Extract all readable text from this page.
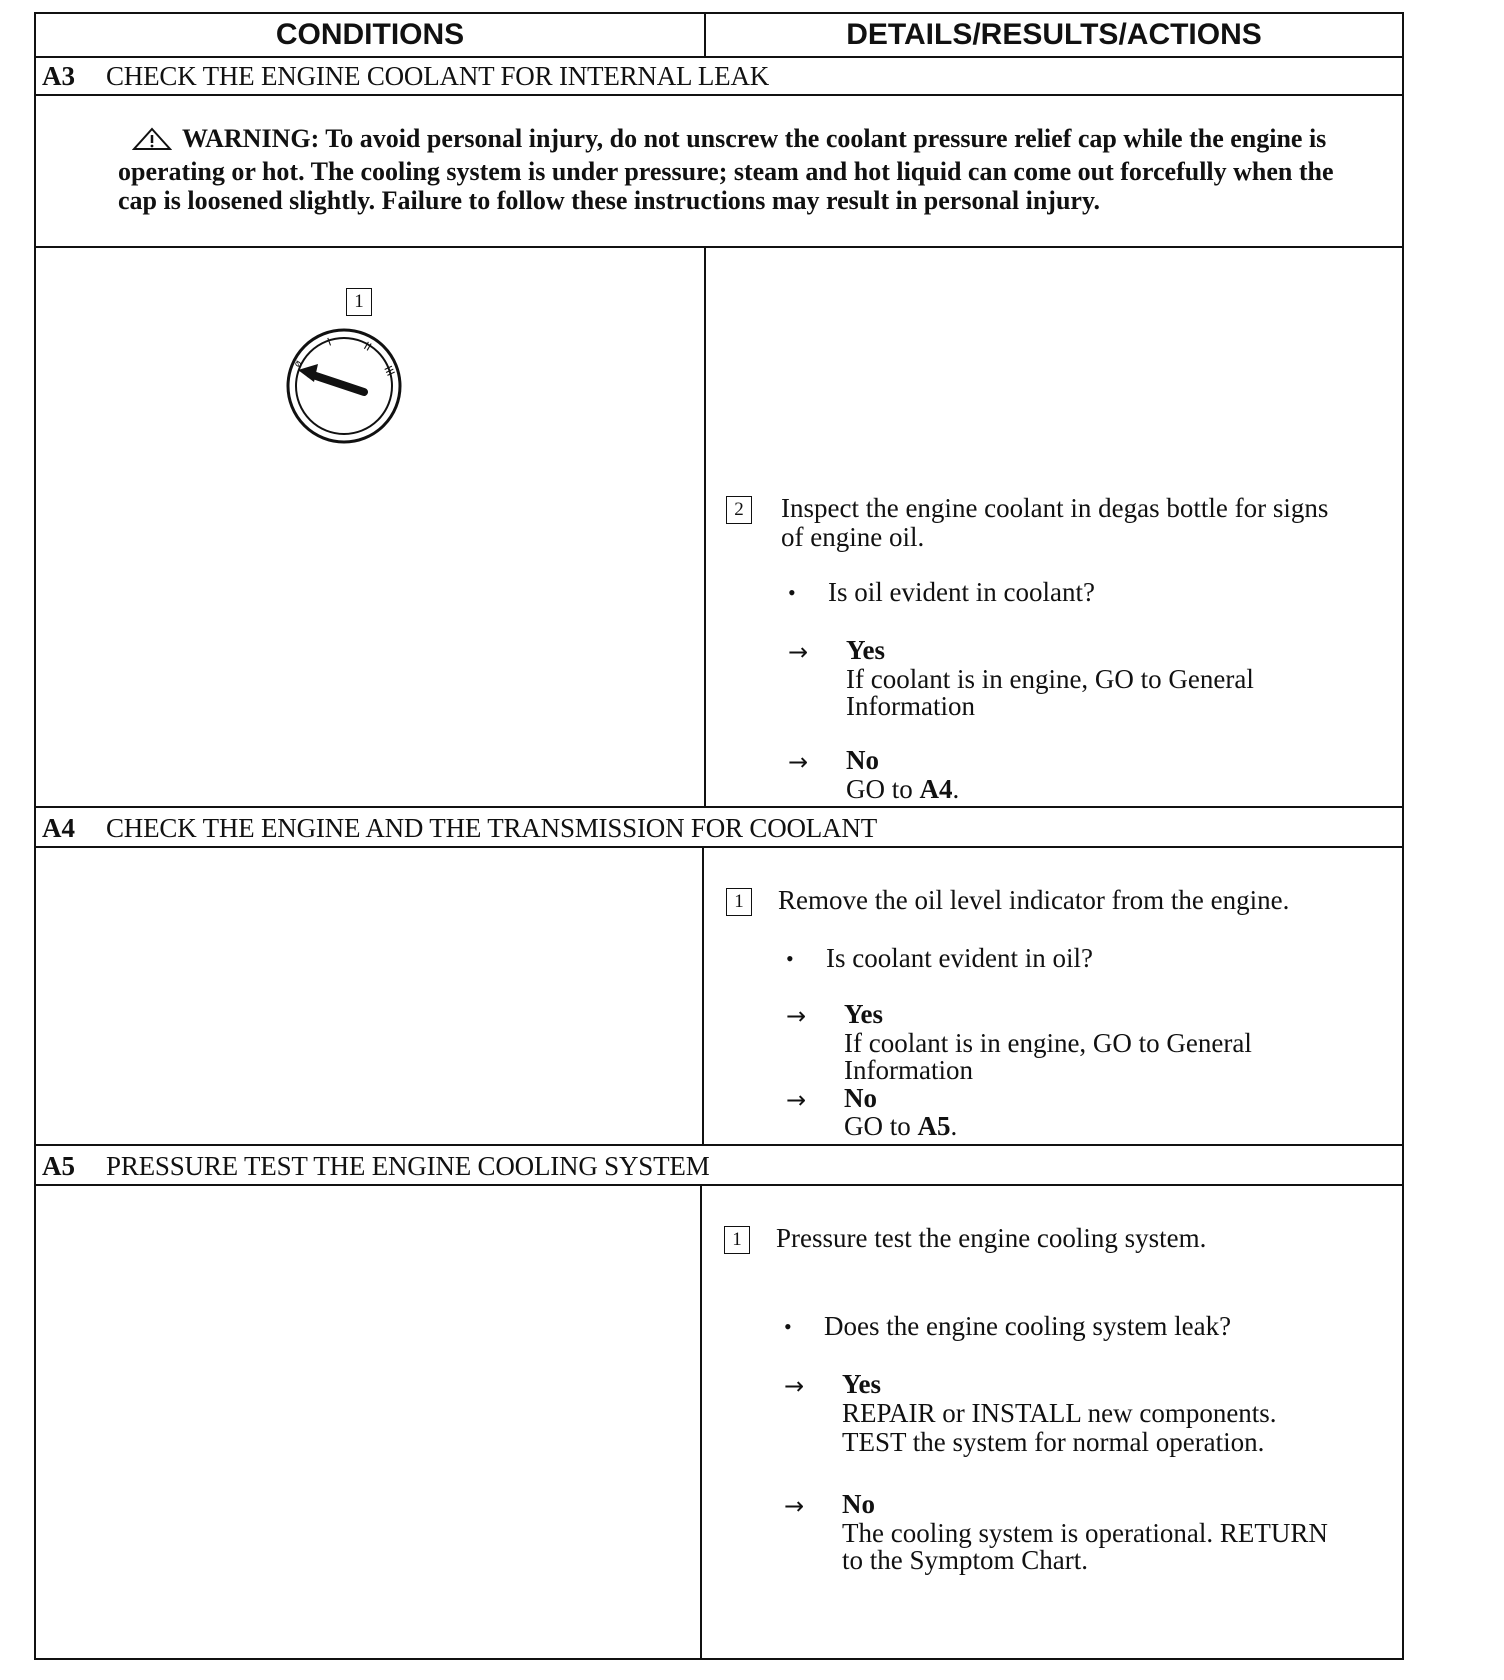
CONDITIONS	DETAILS/RESULTS/ACTIONS
A3 CHECK THE ENGINE COOLANT FOR INTERNAL LEAK
WARNING: To avoid personal injury, do not unscrew the coolant pressure relief cap while the engine is operating or hot. The cooling system is under pressure; steam and hot liquid can come out forcefully when the cap is loosened slightly. Failure to follow these instructions may result in personal injury.
1
ø
I	II
III
2	Inspect the engine coolant in degas bottle for signs
of engine oil.
• Is oil evident in coolant?
→ Yes
If coolant is in engine, GO to General
Information
→ No
GO to A4.
A4 CHECK THE ENGINE AND THE TRANSMISSION FOR COOLANT
1	Remove the oil level indicator from the engine.
• Is coolant evident in oil?
→ Yes
If coolant is in engine, GO to General
Information
→ No
GO to A5.
A5 PRESSURE TEST THE ENGINE COOLING SYSTEM
1	Pressure test the engine cooling system.
• Does the engine cooling system leak?
→ Yes
REPAIR or INSTALL new components.
TEST the system for normal operation.
→ No
The cooling system is operational. RETURN
to the Symptom Chart.
